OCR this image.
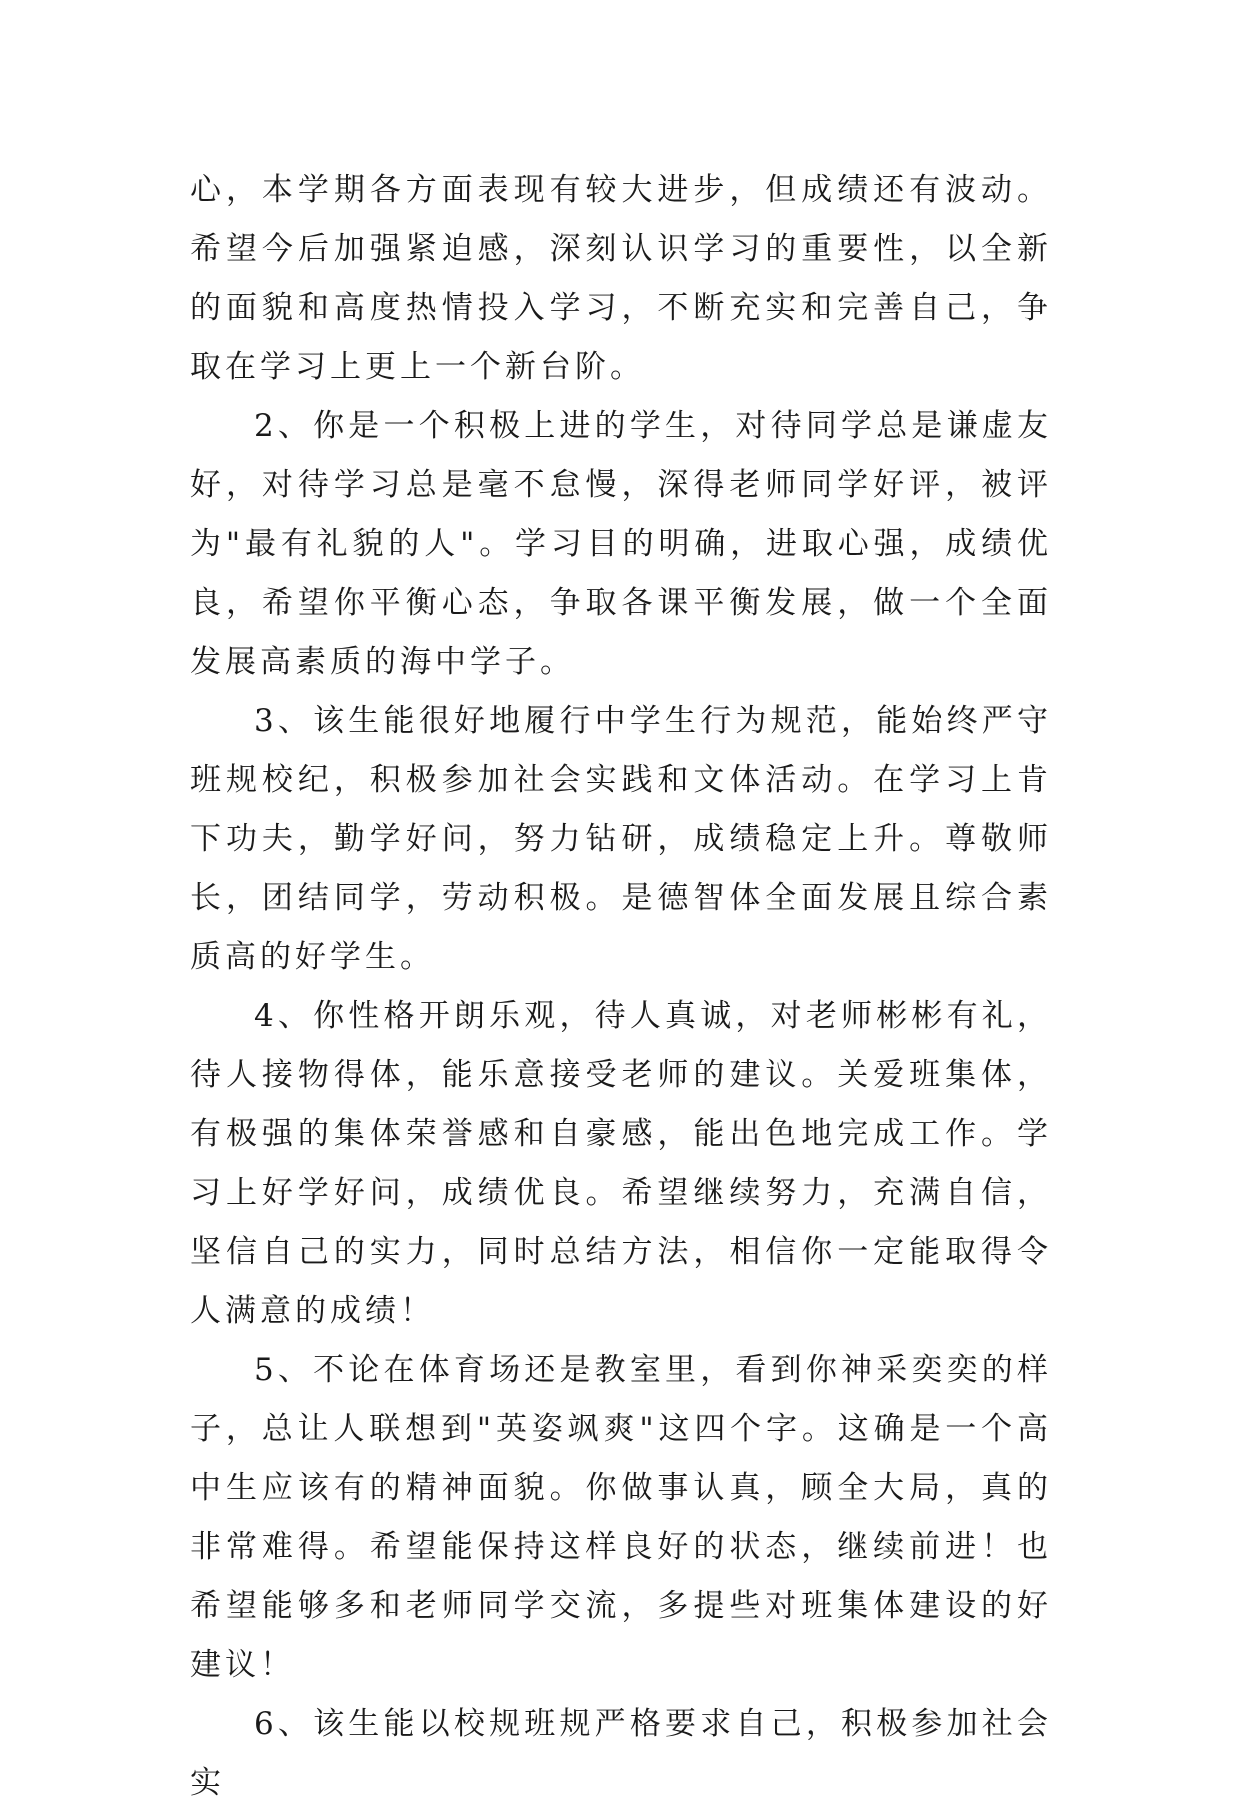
心，本学期各方面表现有较大进步，但成绩还有波动。希望今后加强紧迫感，深刻认识学习的重要性，以全新的面貌和高度热情投入学习，不断充实和完善自己，争取在学习上更上一个新台阶。

2、你是一个积极上进的学生，对待同学总是谦虚友好，对待学习总是毫不怠慢，深得老师同学好评，被评为"最有礼貌的人"。学习目的明确，进取心强，成绩优良，希望你平衡心态，争取各课平衡发展，做一个全面发展高素质的海中学子。

3、该生能很好地履行中学生行为规范，能始终严守班规校纪，积极参加社会实践和文体活动。在学习上肯下功夫，勤学好问，努力钻研，成绩稳定上升。尊敬师长，团结同学，劳动积极。是德智体全面发展且综合素质高的好学生。

4、你性格开朗乐观，待人真诚，对老师彬彬有礼，待人接物得体，能乐意接受老师的建议。关爱班集体，有极强的集体荣誉感和自豪感，能出色地完成工作。学习上好学好问，成绩优良。希望继续努力，充满自信，坚信自己的实力，同时总结方法，相信你一定能取得令人满意的成绩！

5、不论在体育场还是教室里，看到你神采奕奕的样子，总让人联想到"英姿飒爽"这四个字。这确是一个高中生应该有的精神面貌。你做事认真，顾全大局，真的非常难得。希望能保持这样良好的状态，继续前进！也希望能够多和老师同学交流，多提些对班集体建设的好建议！

6、该生能以校规班规严格要求自己，积极参加社会实
